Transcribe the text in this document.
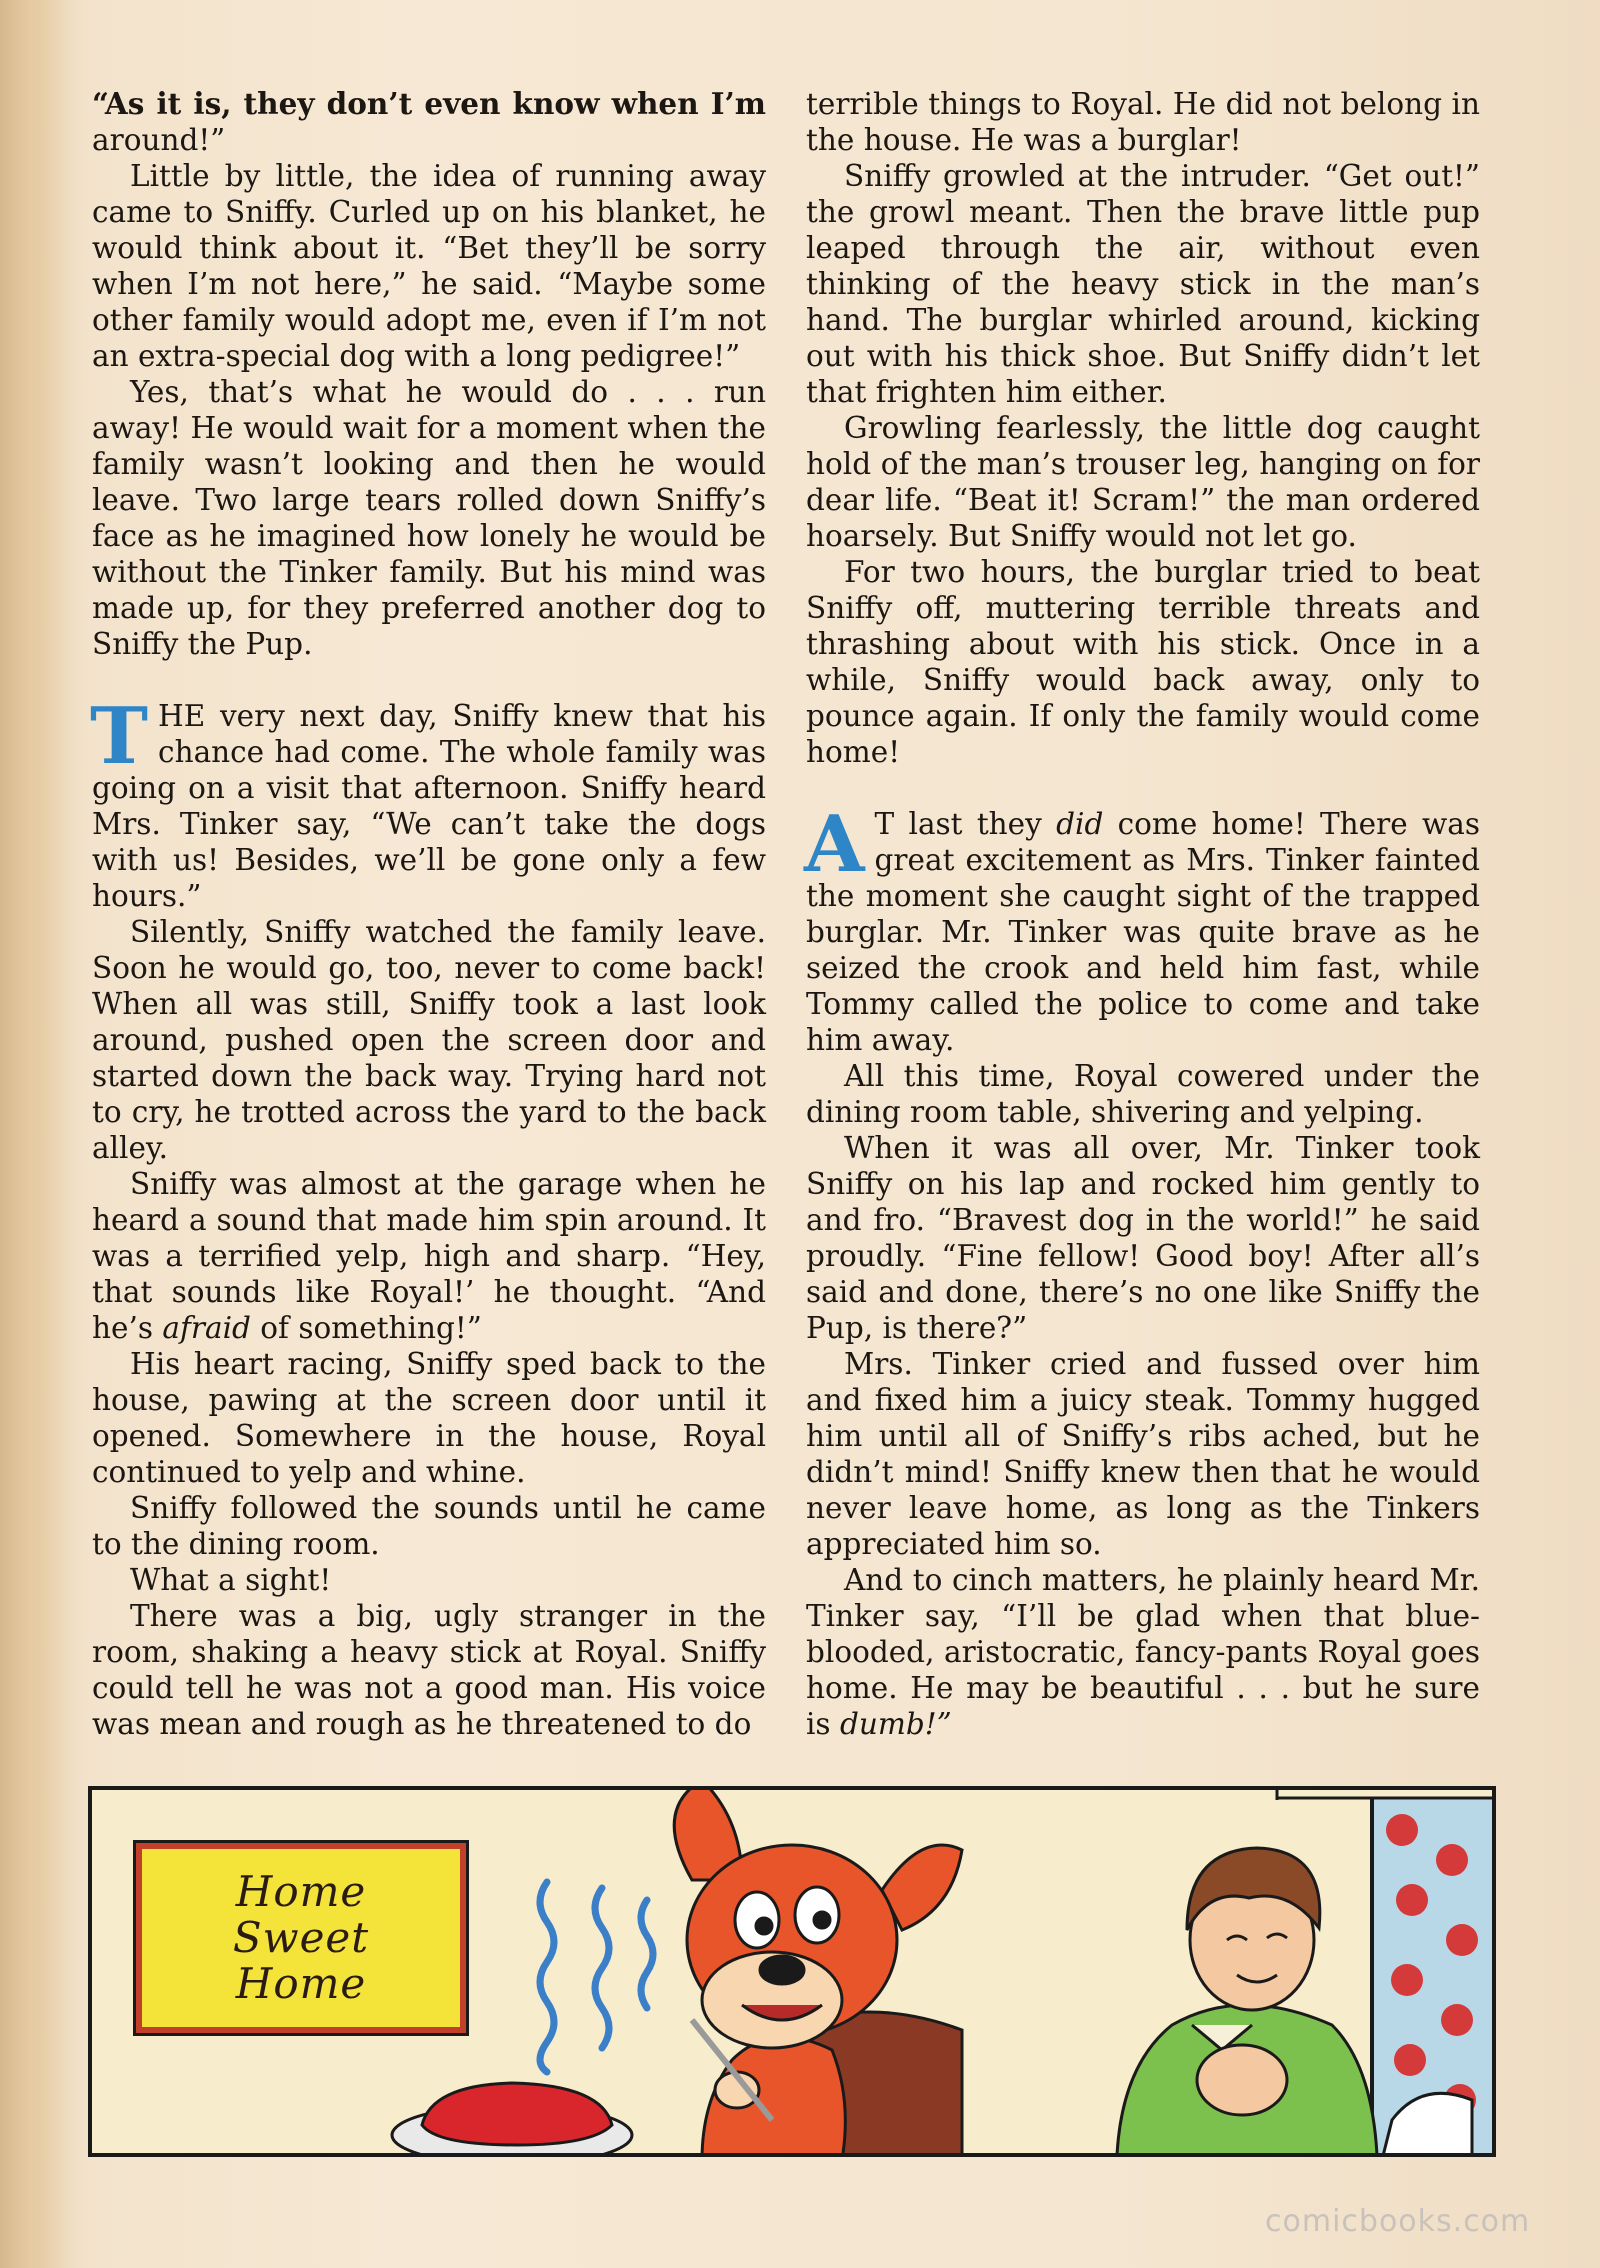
“As it is, they don’t even know when I’m around!”

Little by little, the idea of running away came to Sniffy. Curled up on his blanket, he would think about it. “Bet they’ll be sorry when I’m not here,” he said. “Maybe some other family would adopt me, even if I’m not an extra-special dog with a long pedigree!”

Yes, that’s what he would do . . . run away! He would wait for a moment when the family wasn’t looking and then he would leave. Two large tears rolled down Sniffy’s face as he imagined how lonely he would be without the Tinker family. But his mind was made up, for they preferred another dog to Sniffy the Pup.

THE very next day, Sniffy knew that his chance had come. The whole family was going on a visit that afternoon. Sniffy heard Mrs. Tinker say, “We can’t take the dogs with us! Besides, we’ll be gone only a few hours.”

Silently, Sniffy watched the family leave. Soon he would go, too, never to come back! When all was still, Sniffy took a last look around, pushed open the screen door and started down the back way. Trying hard not to cry, he trotted across the yard to the back alley.

Sniffy was almost at the garage when he heard a sound that made him spin around. It was a terrified yelp, high and sharp. “Hey, that sounds like Royal!’ he thought. “And he’s afraid of something!”

His heart racing, Sniffy sped back to the house, pawing at the screen door until it opened. Somewhere in the house, Royal continued to yelp and whine.

Sniffy followed the sounds until he came to the dining room.

What a sight!

There was a big, ugly stranger in the room, shaking a heavy stick at Royal. Sniffy could tell he was not a good man. His voice was mean and rough as he threatened to do

terrible things to Royal. He did not belong in the house. He was a burglar!

Sniffy growled at the intruder. “Get out!” the growl meant. Then the brave little pup leaped through the air, without even thinking of the heavy stick in the man’s hand. The burglar whirled around, kicking out with his thick shoe. But Sniffy didn’t let that frighten him either.

Growling fearlessly, the little dog caught hold of the man’s trouser leg, hanging on for dear life. “Beat it! Scram!” the man ordered hoarsely. But Sniffy would not let go.

For two hours, the burglar tried to beat Sniffy off, muttering terrible threats and thrashing about with his stick. Once in a while, Sniffy would back away, only to pounce again. If only the family would come home!

A T last they did come home! There was great excitement as Mrs. Tinker fainted the moment she caught sight of the trapped burglar. Mr. Tinker was quite brave as he seized the crook and held him fast, while Tommy called the police to come and take him away.

All this time, Royal cowered under the dining room table, shivering and yelping.

When it was all over, Mr. Tinker took Sniffy on his lap and rocked him gently to and fro. “Bravest dog in the world!” he said proudly. “Fine fellow! Good boy! After all’s said and done, there’s no one like Sniffy the Pup, is there?”

Mrs. Tinker cried and fussed over him and fixed him a juicy steak. Tommy hugged him until all of Sniffy’s ribs ached, but he didn’t mind! Sniffy knew then that he would never leave home, as long as the Tinkers appreciated him so.

And to cinch matters, he plainly heard Mr. Tinker say, “I’ll be glad when that blue-blooded, aristocratic, fancy-pants Royal goes home. He may be beautiful . . . but he sure is dumb!”

Home
Sweet
Home
comicbooks.com
